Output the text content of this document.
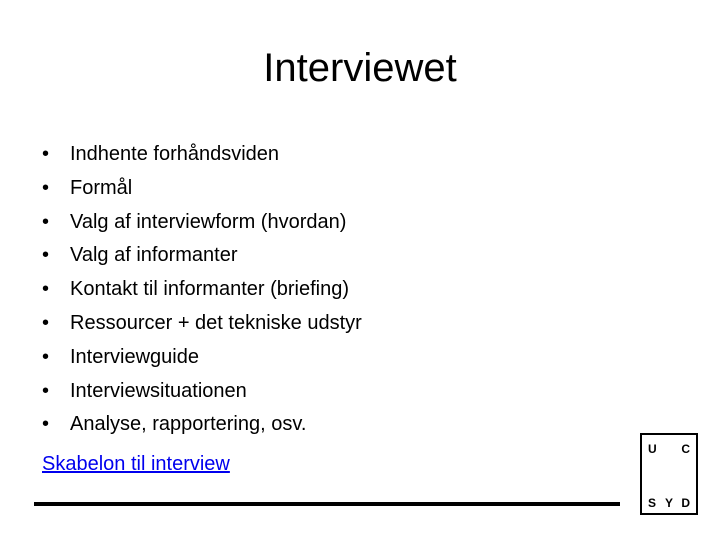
Interviewet
•	Indhente forhåndsviden
•	Formål
•	Valg af interviewform (hvordan)
•	Valg af informanter
•	Kontakt til informanter (briefing)
•	Ressourcer + det tekniske udstyr
•	Interviewguide
•	Interviewsituationen
•	Analyse, rapportering, osv.
Skabelon til interview
U C
S Y D
